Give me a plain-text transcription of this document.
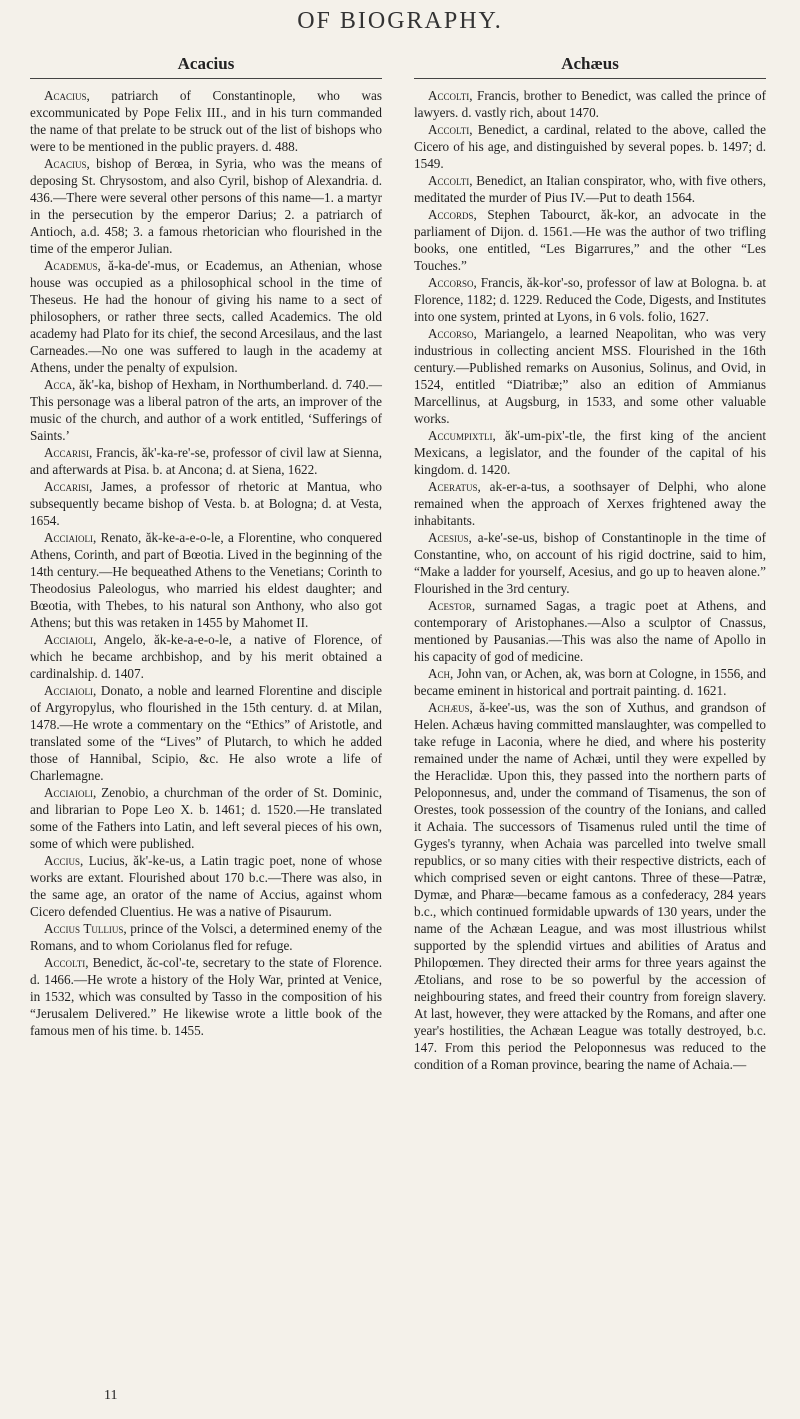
OF BIOGRAPHY.
Acacius

Acacius, patriarch of Constantinople, who was excommunicated by Pope Felix III., and in his turn commanded the name of that prelate to be struck out of the list of bishops who were to be mentioned in the public prayers. d. 488.

Acacius, bishop of Berœa, in Syria, who was the means of deposing St. Chrysostom, and also Cyril, bishop of Alexandria. d. 436.—There were several other persons of this name—1. a martyr in the persecution by the emperor Darius; 2. a patriarch of Antioch, a.d. 458; 3. a famous rhetorician who flourished in the time of the emperor Julian.

Academus, ă-ka-de'-mus, or Ecademus, an Athenian, whose house was occupied as a philosophical school in the time of Theseus. He had the honour of giving his name to a sect of philosophers, or rather three sects, called Academics. The old academy had Plato for its chief, the second Arcesilaus, and the last Carneades.—No one was suffered to laugh in the academy at Athens, under the penalty of expulsion.

Acca, ăk'-ka, bishop of Hexham, in Northumberland. d. 740.—This personage was a liberal patron of the arts, an improver of the music of the church, and author of a work entitled, ‘Sufferings of Saints.’

Accarisi, Francis, ăk'-ka-re'-se, professor of civil law at Sienna, and afterwards at Pisa. b. at Ancona; d. at Siena, 1622.

Accarisi, James, a professor of rhetoric at Mantua, who subsequently became bishop of Vesta. b. at Bologna; d. at Vesta, 1654.

Acciaioli, Renato, ăk-ke-a-e-o-le, a Florentine, who conquered Athens, Corinth, and part of Bœotia. Lived in the beginning of the 14th century.—He bequeathed Athens to the Venetians; Corinth to Theodosius Paleologus, who married his eldest daughter; and Bœotia, with Thebes, to his natural son Anthony, who also got Athens; but this was retaken in 1455 by Mahomet II.

Acciaioli, Angelo, ăk-ke-a-e-o-le, a native of Florence, of which he became archbishop, and by his merit obtained a cardinalship. d. 1407.

Acciaioli, Donato, a noble and learned Florentine and disciple of Argyropylus, who flourished in the 15th century. d. at Milan, 1478.—He wrote a commentary on the “Ethics” of Aristotle, and translated some of the “Lives” of Plutarch, to which he added those of Hannibal, Scipio, &c. He also wrote a life of Charlemagne.

Acciaioli, Zenobio, a churchman of the order of St. Dominic, and librarian to Pope Leo X. b. 1461; d. 1520.—He translated some of the Fathers into Latin, and left several pieces of his own, some of which were published.

Accius, Lucius, ăk'-ke-us, a Latin tragic poet, none of whose works are extant. Flourished about 170 b.c.—There was also, in the same age, an orator of the name of Accius, against whom Cicero defended Cluentius. He was a native of Pisaurum.

Accius Tullius, prince of the Volsci, a determined enemy of the Romans, and to whom Coriolanus fled for refuge.

Accolti, Benedict, ăc-col'-te, secretary to the state of Florence. d. 1466.—He wrote a history of the Holy War, printed at Venice, in 1532, which was consulted by Tasso in the composition of his “Jerusalem Delivered.” He likewise wrote a little book of the famous men of his time. b. 1455.

Achæus

Accolti, Francis, brother to Benedict, was called the prince of lawyers. d. vastly rich, about 1470.

Accolti, Benedict, a cardinal, related to the above, called the Cicero of his age, and distinguished by several popes. b. 1497; d. 1549.

Accolti, Benedict, an Italian conspirator, who, with five others, meditated the murder of Pius IV.—Put to death 1564.

Accords, Stephen Tabourct, ăk-kor, an advocate in the parliament of Dijon. d. 1561.—He was the author of two trifling books, one entitled, “Les Bigarrures,” and the other “Les Touches.”

Accorso, Francis, ăk-kor'-so, professor of law at Bologna. b. at Florence, 1182; d. 1229. Reduced the Code, Digests, and Institutes into one system, printed at Lyons, in 6 vols. folio, 1627.

Accorso, Mariangelo, a learned Neapolitan, who was very industrious in collecting ancient MSS. Flourished in the 16th century.—Published remarks on Ausonius, Solinus, and Ovid, in 1524, entitled “Diatribæ;” also an edition of Ammianus Marcellinus, at Augsburg, in 1533, and some other valuable works.

Accumpixtli, ăk'-um-pix'-tle, the first king of the ancient Mexicans, a legislator, and the founder of the capital of his kingdom. d. 1420.

Aceratus, ak-er-a-tus, a soothsayer of Delphi, who alone remained when the approach of Xerxes frightened away the inhabitants.

Acesius, a-ke'-se-us, bishop of Constantinople in the time of Constantine, who, on account of his rigid doctrine, said to him, “Make a ladder for yourself, Acesius, and go up to heaven alone.” Flourished in the 3rd century.

Acestor, surnamed Sagas, a tragic poet at Athens, and contemporary of Aristophanes.—Also a sculptor of Cnassus, mentioned by Pausanias.—This was also the name of Apollo in his capacity of god of medicine.

Ach, John van, or Achen, ak, was born at Cologne, in 1556, and became eminent in historical and portrait painting. d. 1621.

Achæus, ă-kee'-us, was the son of Xuthus, and grandson of Helen. Achæus having committed manslaughter, was compelled to take refuge in Laconia, where he died, and where his posterity remained under the name of Achæi, until they were expelled by the Heraclidæ. Upon this, they passed into the northern parts of Peloponnesus, and, under the command of Tisamenus, the son of Orestes, took possession of the country of the Ionians, and called it Achaia. The successors of Tisamenus ruled until the time of Gyges's tyranny, when Achaia was parcelled into twelve small republics, or so many cities with their respective districts, each of which comprised seven or eight cantons. Three of these—Patræ, Dymæ, and Pharæ—became famous as a confederacy, 284 years b.c., which continued formidable upwards of 130 years, under the name of the Achæan League, and was most illustrious whilst supported by the splendid virtues and abilities of Aratus and Philopœmen. They directed their arms for three years against the Ætolians, and rose to be so powerful by the accession of neighbouring states, and freed their country from foreign slavery. At last, however, they were attacked by the Romans, and after one year's hostilities, the Achæan League was totally destroyed, b.c. 147. From this period the Peloponnesus was reduced to the condition of a Roman province, bearing the name of Achaia.—

11
